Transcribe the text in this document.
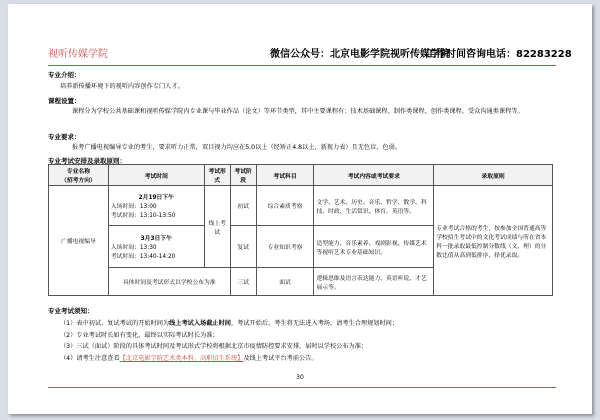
视听传媒学院	微信公众号：北京电影学院视听传媒学院
工作时间咨询电话：82283228
专业介绍：
培养新传播环境下的视听内容创作专门人才。
课程设置：
课程分为学校公共基础课和视听传媒学院内专业课与毕业作品（论文）等环节类型，其中主要课程有：技术基础课程、制作类课程、创作类课程、受众沟通类课程等。
专业要求：
报考广播电视编导专业的考生，要求听力正常，双目视力均应在5.0以上（经矫正4.8以上，新视力表）且无色盲、色弱。
专业考试安排及录取原则：
专业名称
（招考方向）	考试时间	考试形式	考试阶段	考试科目	考试内容或考试要求	录取原则
广播电视编导	2月19日下午
入场时间：13:00
考试时间：13:10-13:50	线上考试	初试	综合素质考察	文学、艺术、历史、音乐、哲学、数学、科技、时政、生活常识、体育、英语等。	专业考试合格的考生，按参加全国普通高等学校招生考试中的文化考试成绩与所在省本科一批录取最低控制分数线（文、理）的分数比值从高到低排序，择优录取。

	3月3日下午
入场时间：13:30
考试时间：13:40-14:20		复试	专业知识考察	造型能力、音乐素养、戏剧影视、传媒艺术等视听艺术专业基础知识。	
	具体时间及考试形式以学校公布为准		三试	面试	逻辑思维及语言表达能力、英语听说、才艺展示等。	
专业考试须知：
（1）表中初试、复试考试的开始时间为线上考试入场截止时间，考试开始后，考生将无法进入考场，请考生合理规划时间；
（2）专业考试时长如有变化，最终以实际考试时长为准；
（3）三试（面试）阶段的具体考试时间及考试形式学校将根据北京市疫情防控要求安排，届时以学校公布为准；
（4）请考生注意查看【北京电影学院艺术类本科、高职招生系统】及线上考试平台考前公告。
30
